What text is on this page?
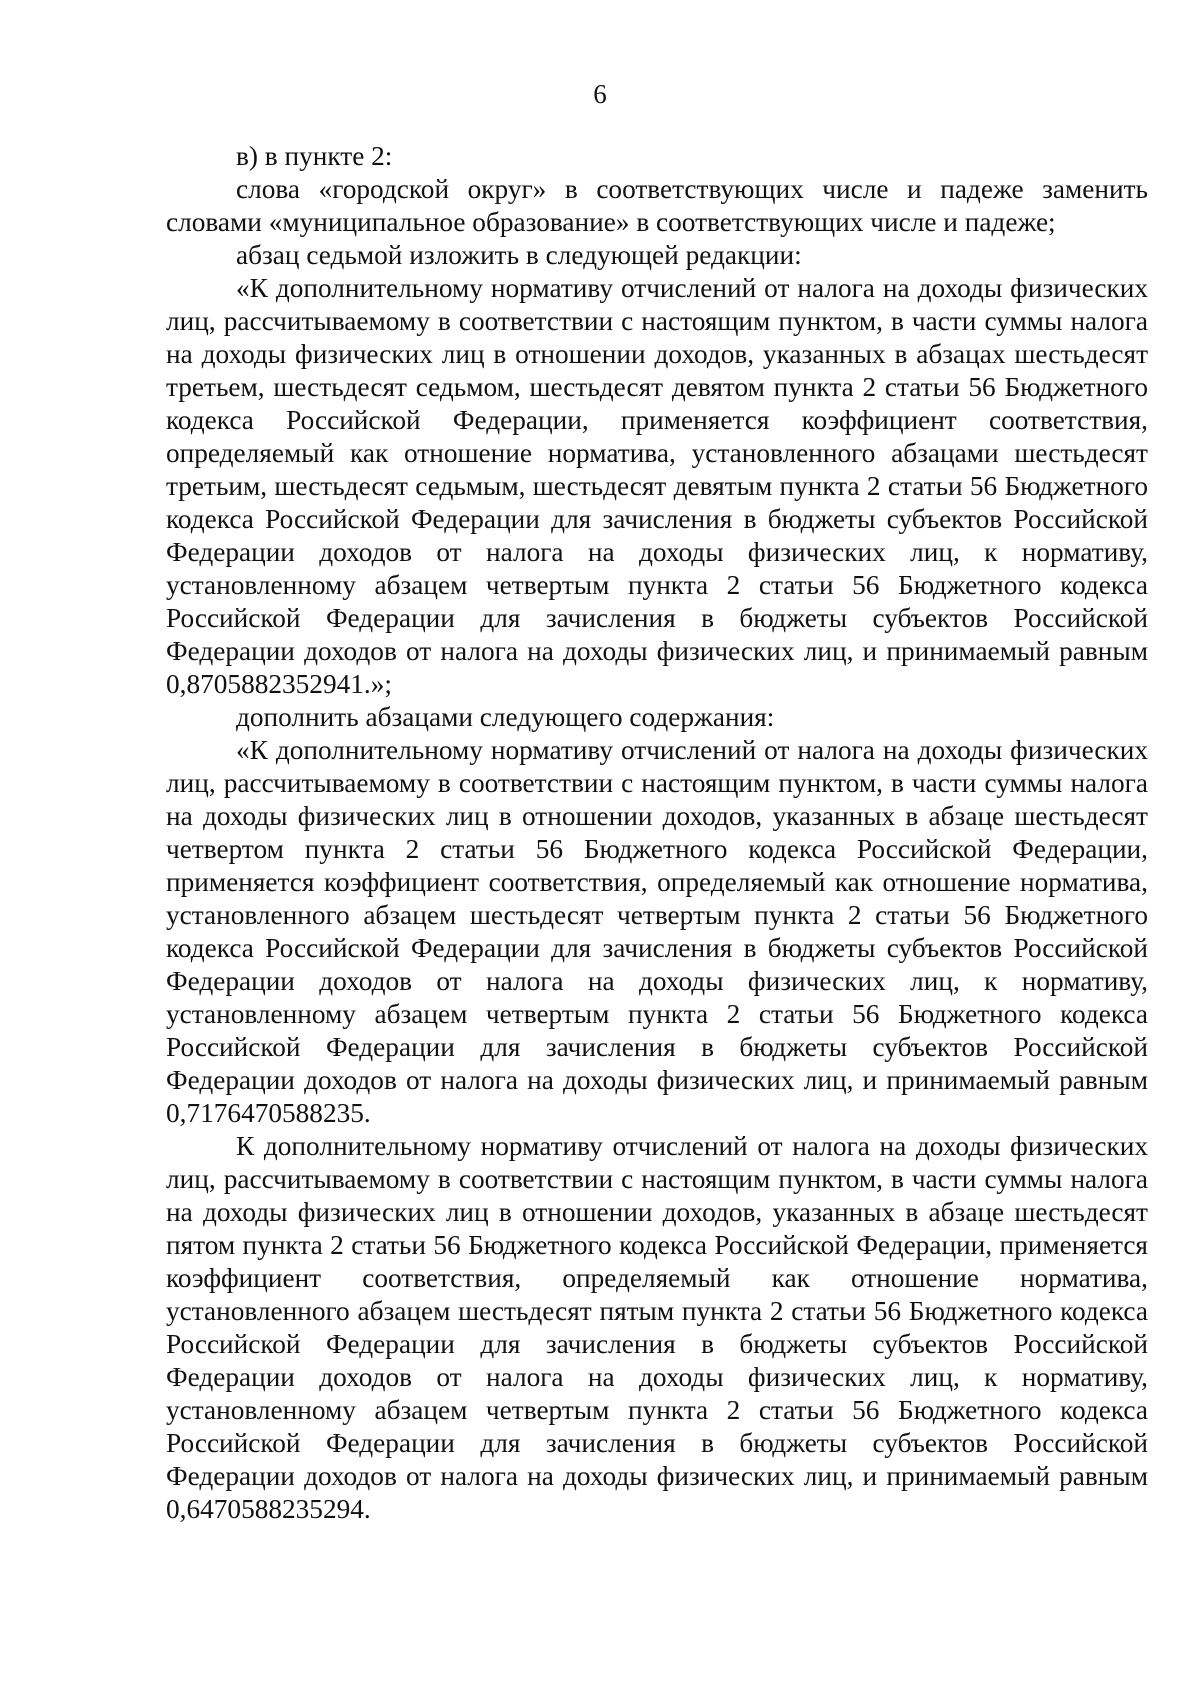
6

в) в пункте 2:

слова «городской округ» в соответствующих числе и падеже заменить словами «муниципальное образование» в соответствующих числе и падеже;

абзац седьмой изложить в следующей редакции:

«К дополнительному нормативу отчислений от налога на доходы физических лиц, рассчитываемому в соответствии с настоящим пунктом, в части суммы налога на доходы физических лиц в отношении доходов, указанных в абзацах шестьдесят третьем, шестьдесят седьмом, шестьдесят девятом пункта 2 статьи 56 Бюджетного кодекса Российской Федерации, применяется коэффициент соответствия, определяемый как отношение норматива, установленного абзацами шестьдесят третьим, шестьдесят седьмым, шестьдесят девятым пункта 2 статьи 56 Бюджетного кодекса Российской Федерации для зачисления в бюджеты субъектов Российской Федерации доходов от налога на доходы физических лиц, к нормативу, установленному абзацем четвертым пункта 2 статьи 56 Бюджетного кодекса Российской Федерации для зачисления в бюджеты субъектов Российской Федерации доходов от налога на доходы физических лиц, и принимаемый равным 0,8705882352941.»;

дополнить абзацами следующего содержания:

«К дополнительному нормативу отчислений от налога на доходы физических лиц, рассчитываемому в соответствии с настоящим пунктом, в части суммы налога на доходы физических лиц в отношении доходов, указанных в абзаце шестьдесят четвертом пункта 2 статьи 56 Бюджетного кодекса Российской Федерации, применяется коэффициент соответствия, определяемый как отношение норматива, установленного абзацем шестьдесят четвертым пункта 2 статьи 56 Бюджетного кодекса Российской Федерации для зачисления в бюджеты субъектов Российской Федерации доходов от налога на доходы физических лиц, к нормативу, установленному абзацем четвертым пункта 2 статьи 56 Бюджетного кодекса Российской Федерации для зачисления в бюджеты субъектов Российской Федерации доходов от налога на доходы физических лиц, и принимаемый равным 0,7176470588235.

К дополнительному нормативу отчислений от налога на доходы физических лиц, рассчитываемому в соответствии с настоящим пунктом, в части суммы налога на доходы физических лиц в отношении доходов, указанных в абзаце шестьдесят пятом пункта 2 статьи 56 Бюджетного кодекса Российской Федерации, применяется коэффициент соответствия, определяемый как отношение норматива, установленного абзацем шестьдесят пятым пункта 2 статьи 56 Бюджетного кодекса Российской Федерации для зачисления в бюджеты субъектов Российской Федерации доходов от налога на доходы физических лиц, к нормативу, установленному абзацем четвертым пункта 2 статьи 56 Бюджетного кодекса Российской Федерации для зачисления в бюджеты субъектов Российской Федерации доходов от налога на доходы физических лиц, и принимаемый равным 0,6470588235294.
